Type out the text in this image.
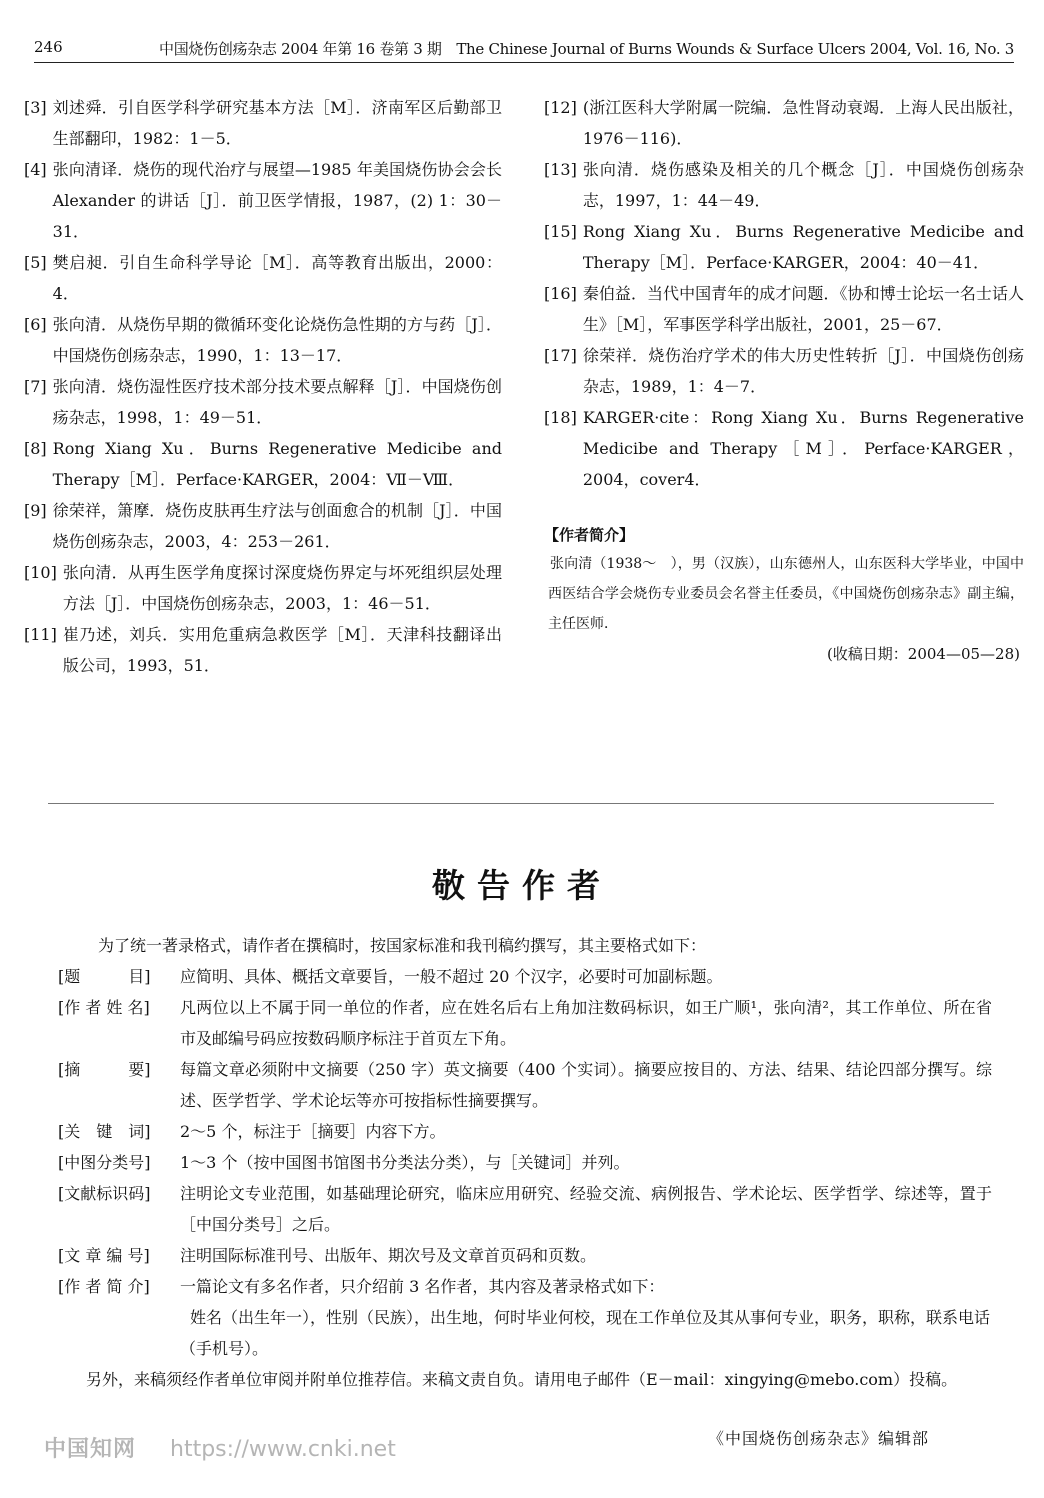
246	中国烧伤创疡杂志 2004 年第 16 卷第 3 期　The Chinese Journal of Burns Wounds & Surface Ulcers 2004, Vol. 16, No. 3
[3] 刘述舜．引自医学科学研究基本方法［M］．济南军区后勤部卫生部翻印，1982：1－5．
[4] 张向清译．烧伤的现代治疗与展望—1985 年美国烧伤协会会长 Alexander 的讲话［J］．前卫医学情报，1987，(2) 1：30－31．
[5] 樊启昶．引自生命科学导论［M］．高等教育出版出，2000：4．
[6] 张向清．从烧伤早期的微循环变化论烧伤急性期的方与药［J］．中国烧伤创疡杂志，1990，1：13－17．
[7] 张向清．烧伤湿性医疗技术部分技术要点解释［J］．中国烧伤创疡杂志，1998，1：49－51．
[8] Rong Xiang Xu．Burns Regenerative Medicibe and Therapy［M］．Perface·KARGER，2004：Ⅶ－Ⅷ．
[9] 徐荣祥，箫摩．烧伤皮肤再生疗法与创面愈合的机制［J］．中国烧伤创疡杂志，2003，4：253－261．
[10] 张向清．从再生医学角度探讨深度烧伤界定与坏死组织层处理方法［J］．中国烧伤创疡杂志，2003，1：46－51．
[11] 崔乃述，刘兵．实用危重病急救医学［M］．天津科技翻译出版公司，1993，51．
[12] (浙江医科大学附属一院编．急性肾动衰竭．上海人民出版社，1976－116)．
[13] 张向清．烧伤感染及相关的几个概念［J］．中国烧伤创疡杂志，1997，1：44－49．
[15] Rong Xiang Xu．Burns Regenerative Medicibe and Therapy［M］．Perface·KARGER，2004：40－41．
[16] 秦伯益．当代中国青年的成才问题．《协和博士论坛一名士话人生》［M］，军事医学科学出版社，2001，25－67．
[17] 徐荣祥．烧伤治疗学术的伟大历史性转折［J］．中国烧伤创疡杂志，1989，1：4－7．
[18] KARGER·cite：Rong Xiang Xu．Burns Regenerative Medicibe and Therapy［M］．Perface·KARGER，2004，cover4．
【作者简介】
张向清（1938～　），男（汉族），山东德州人，山东医科大学毕业，中国中西医结合学会烧伤专业委员会名誉主任委员，《中国烧伤创疡杂志》副主编，主任医师．
(收稿日期：2004—05—28)
敬告作者

为了统一著录格式，请作者在撰稿时，按国家标准和我刊稿约撰写，其主要格式如下：

[题　　　目]	应简明、具体、概括文章要旨，一般不超过 20 个汉字，必要时可加副标题。
[作 者 姓 名]	凡两位以上不属于同一单位的作者，应在姓名后右上角加注数码标识，如王广顺¹，张向清²，其工作单位、所在省市及邮编号码应按数码顺序标注于首页左下角。
[摘　　　要]	每篇文章必须附中文摘要（250 字）英文摘要（400 个实词）。摘要应按目的、方法、结果、结论四部分撰写。综述、医学哲学、学术论坛等亦可按指标性摘要撰写。
[关　键　词]	2～5 个，标注于［摘要］内容下方。
[中图分类号]	1～3 个（按中国图书馆图书分类法分类），与［关键词］并列。
[文献标识码]	注明论文专业范围，如基础理论研究，临床应用研究、经验交流、病例报告、学术论坛、医学哲学、综述等，置于［中国分类号］之后。
[文 章 编 号]	注明国际标准刊号、出版年、期次号及文章首页码和页数。
[作 者 简 介]	一篇论文有多名作者，只介绍前 3 名作者，其内容及著录格式如下：
姓名（出生年一），性别（民族），出生地，何时毕业何校，现在工作单位及其从事何专业，职务，职称，联系电话（手机号）。

另外，来稿须经作者单位审阅并附单位推荐信。来稿文责自负。请用电子邮件（E－mail：xingying@mebo.com）投稿。

中国知网 https://www.cnki.net	《中国烧伤创疡杂志》编辑部
